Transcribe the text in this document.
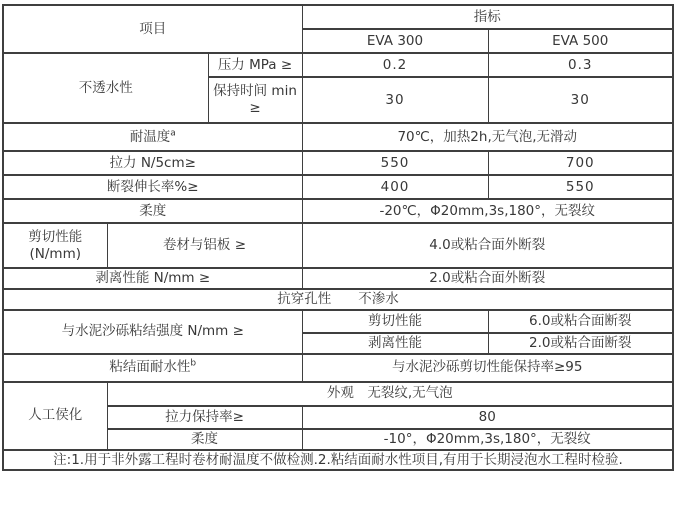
项目			指标	
			EVA 300	EVA 500
不透水性		压力 MPa ≥	0.2	0.3
		保持时间 min ≥	30	30
耐温度$^a$			70℃，加热2h,无气泡,无滑动	
拉力 N/5cm≥			550	700
断裂伸长率%≥			400	550
柔度			-20℃，Φ20mm,3s,180°，无裂纹	
剪切性能 (N/mm)	卷材与铝板 ≥		4.0或粘合面外断裂	
剥离性能 N/mm ≥			2.0或粘合面外断裂	
抗穿孔性　　不渗水				
与水泥沙砾粘结强度 N/mm ≥			剪切性能	6.0或粘合面断裂
			剥离性能	2.0或粘合面断裂
粘结面耐水性$^b$			与水泥沙砾剪切性能保持率≥95	
人工侯化	外观　无裂纹,无气泡			
	拉力保持率≥		80	
	柔度		-10°，Φ20mm,3s,180°，无裂纹	
注:1.用于非外露工程时卷材耐温度不做检测.2.粘结面耐水性项目,有用于长期浸泡水工程时检验.				
